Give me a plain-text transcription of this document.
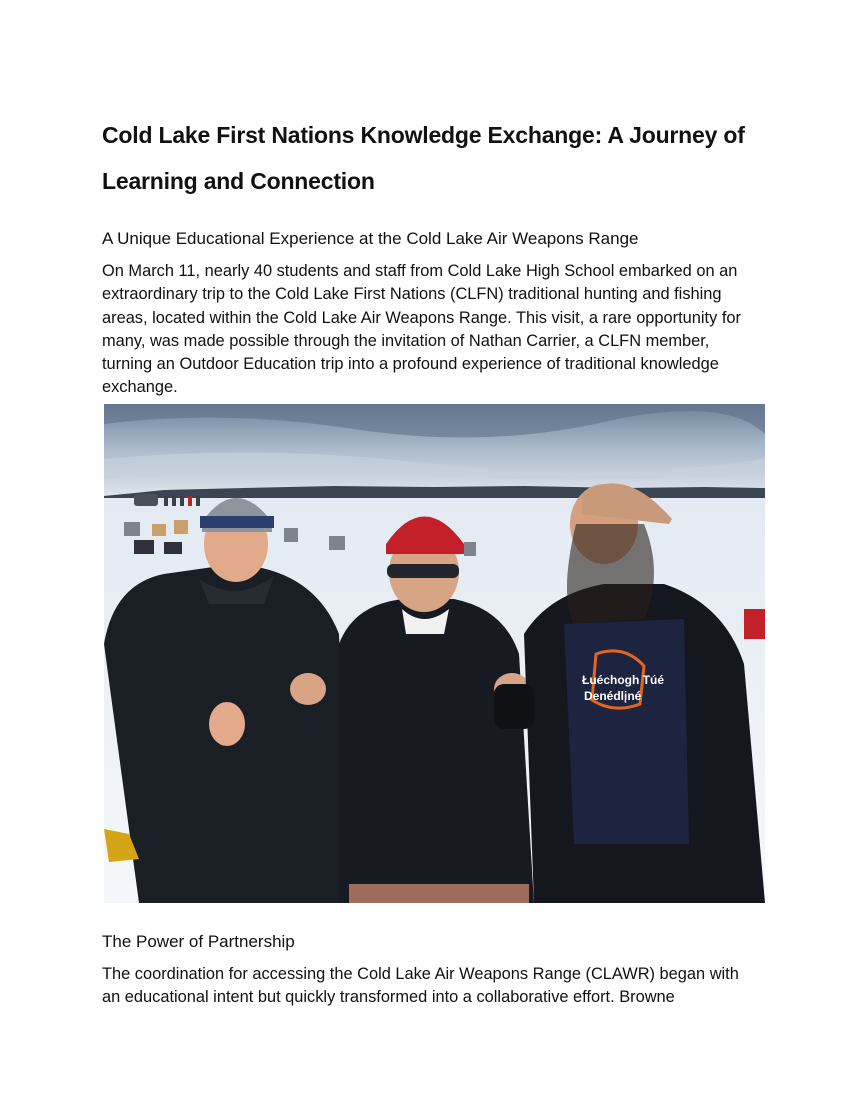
Cold Lake First Nations Knowledge Exchange: A Journey of
Learning and Connection

A Unique Educational Experience at the Cold Lake Air Weapons Range

On March 11, nearly 40 students and staff from Cold Lake High School embarked on an
extraordinary trip to the Cold Lake First Nations (CLFN) traditional hunting and fishing
areas, located within the Cold Lake Air Weapons Range. This visit, a rare opportunity for
many, was made possible through the invitation of Nathan Carrier, a CLFN member,
turning an Outdoor Education trip into a profound experience of traditional knowledge
exchange.

Łuéchogh Túé
Denédlįné

The Power of Partnership

The coordination for accessing the Cold Lake Air Weapons Range (CLAWR) began with
an educational intent but quickly transformed into a collaborative effort. Browne
